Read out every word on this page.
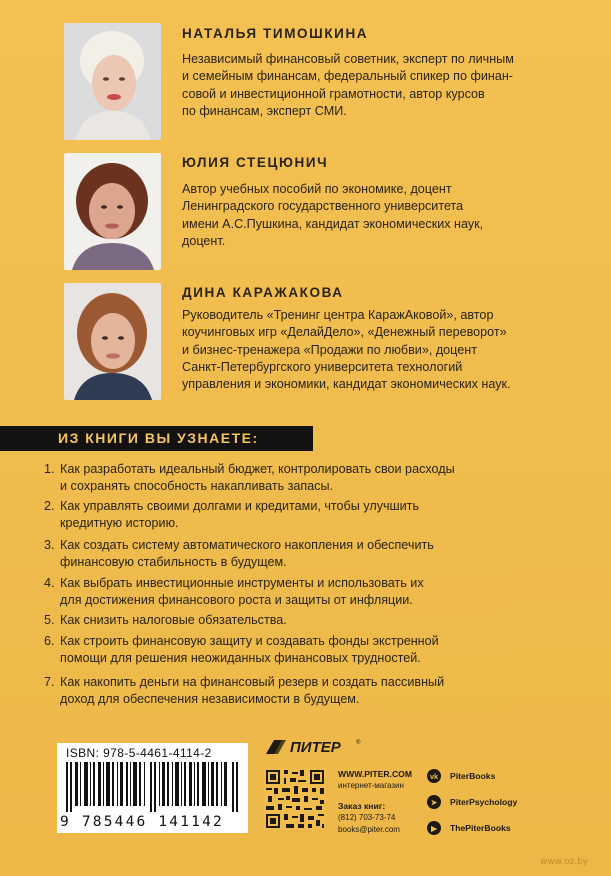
НАТАЛЬЯ ТИМОШКИНА

Независимый финансовый советник, эксперт по личным
и семейным финансам, федеральный спикер по финан-
совой и инвестиционной грамотности, автор курсов
по финансам, эксперт СМИ.

ЮЛИЯ СТЕЦЮНИЧ

Автор учебных пособий по экономике, доцент
Ленинградского государственного университета
имени А.С.Пушкина, кандидат экономических наук,
доцент.

ДИНА КАРАЖАКОВА

Руководитель «Тренинг центра КаражАковой», автор
коучинговых игр «ДелайДело», «Денежный переворот»
и бизнес-тренажера «Продажи по любви», доцент
Санкт-Петербургского университета технологий
управления и экономики, кандидат экономических наук.

ИЗ КНИГИ ВЫ УЗНАЕТЕ:
1. Как разработать идеальный бюджет, контролировать свои расходы
и сохранять способность накапливать запасы.
2. Как управлять своими долгами и кредитами, чтобы улучшить
кредитную историю.
3. Как создать систему автоматического накопления и обеспечить
финансовую стабильность в будущем.
4. Как выбрать инвестиционные инструменты и использовать их
для достижения финансового роста и защиты от инфляции.
5. Как снизить налоговые обязательства.
6. Как строить финансовую защиту и создавать фонды экстренной
помощи для решения неожиданных финансовых трудностей.
7. Как накопить деньги на финансовый резерв и создать пассивный
доход для обеспечения независимости в будущем.
ISBN: 978-5-4461-4114-2
9 785446 141142
ПИТЕР	®
WWW.PITER.COM
интернет-магазин
Заказ книг:
(812) 703-73-74
books@piter.com
vk	PiterBooks
➤	PiterPsychology
▶	ThePiterBooks
www.oz.by
